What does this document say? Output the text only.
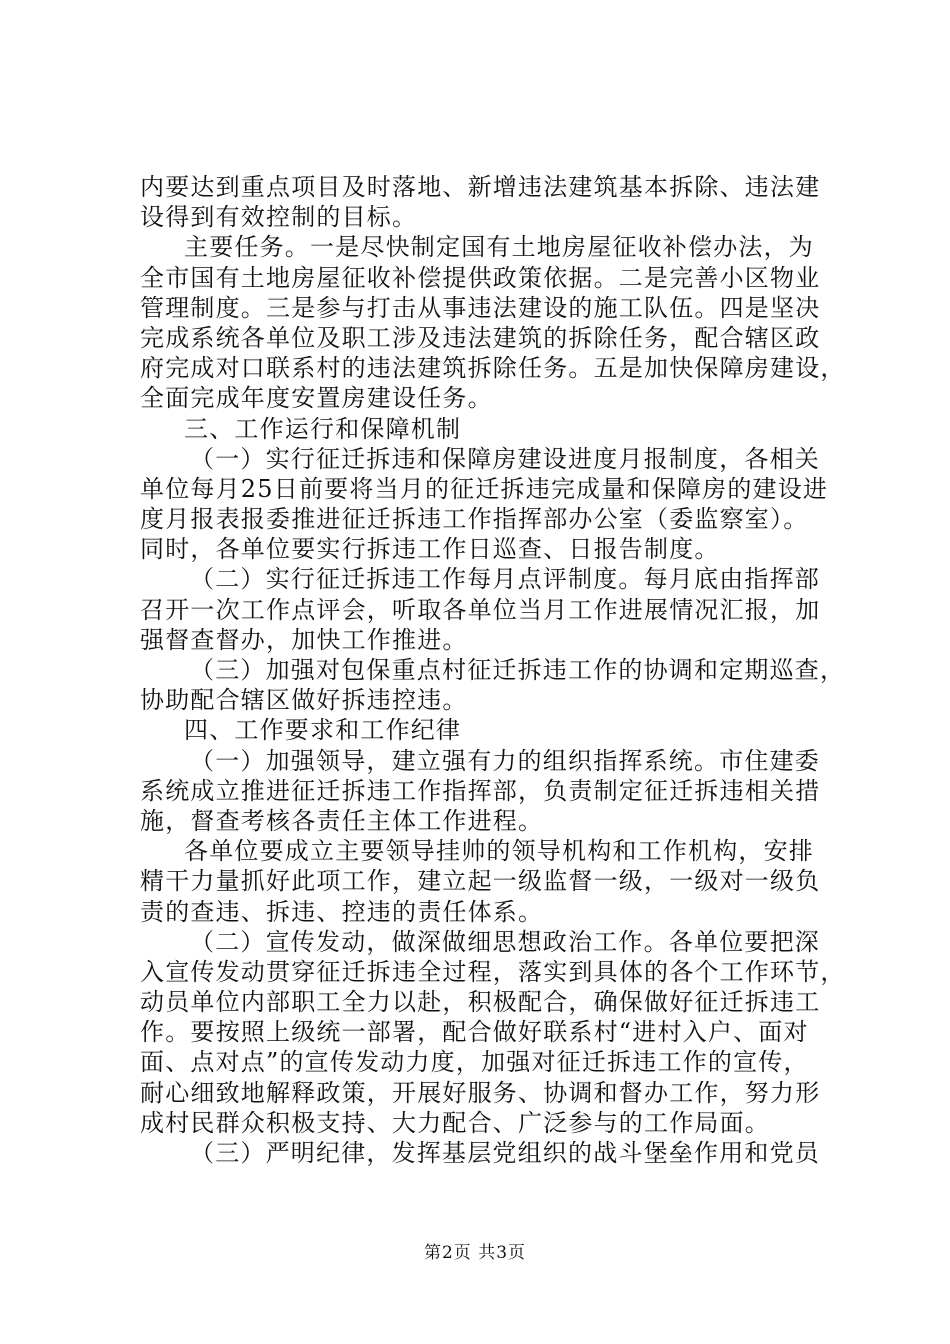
内要达到重点项目及时落地、新增违法建筑基本拆除、违法建
设得到有效控制的目标。
主要任务。一是尽快制定国有土地房屋征收补偿办法，为
全市国有土地房屋征收补偿提供政策依据。二是完善小区物业
管理制度。三是参与打击从事违法建设的施工队伍。四是坚决
完成系统各单位及职工涉及违法建筑的拆除任务，配合辖区政
府完成对口联系村的违法建筑拆除任务。五是加快保障房建设，
全面完成年度安置房建设任务。
三、工作运行和保障机制
（一）实行征迁拆违和保障房建设进度月报制度，各相关
单位每月25日前要将当月的征迁拆违完成量和保障房的建设进
度月报表报委推进征迁拆违工作指挥部办公室（委监察室）。
同时，各单位要实行拆违工作日巡查、日报告制度。
（二）实行征迁拆违工作每月点评制度。每月底由指挥部
召开一次工作点评会，听取各单位当月工作进展情况汇报，加
强督查督办，加快工作推进。
（三）加强对包保重点村征迁拆违工作的协调和定期巡查，
协助配合辖区做好拆违控违。
四、工作要求和工作纪律
（一）加强领导，建立强有力的组织指挥系统。市住建委
系统成立推进征迁拆违工作指挥部，负责制定征迁拆违相关措
施，督查考核各责任主体工作进程。
各单位要成立主要领导挂帅的领导机构和工作机构，安排
精干力量抓好此项工作，建立起一级监督一级，一级对一级负
责的查违、拆违、控违的责任体系。
（二）宣传发动，做深做细思想政治工作。各单位要把深
入宣传发动贯穿征迁拆违全过程，落实到具体的各个工作环节，
动员单位内部职工全力以赴，积极配合，确保做好征迁拆违工
作。要按照上级统一部署，配合做好联系村“进村入户、面对
面、点对点”的宣传发动力度，加强对征迁拆违工作的宣传，
耐心细致地解释政策，开展好服务、协调和督办工作，努力形
成村民群众积极支持、大力配合、广泛参与的工作局面。
（三）严明纪律，发挥基层党组织的战斗堡垒作用和党员
第2页 共3页
